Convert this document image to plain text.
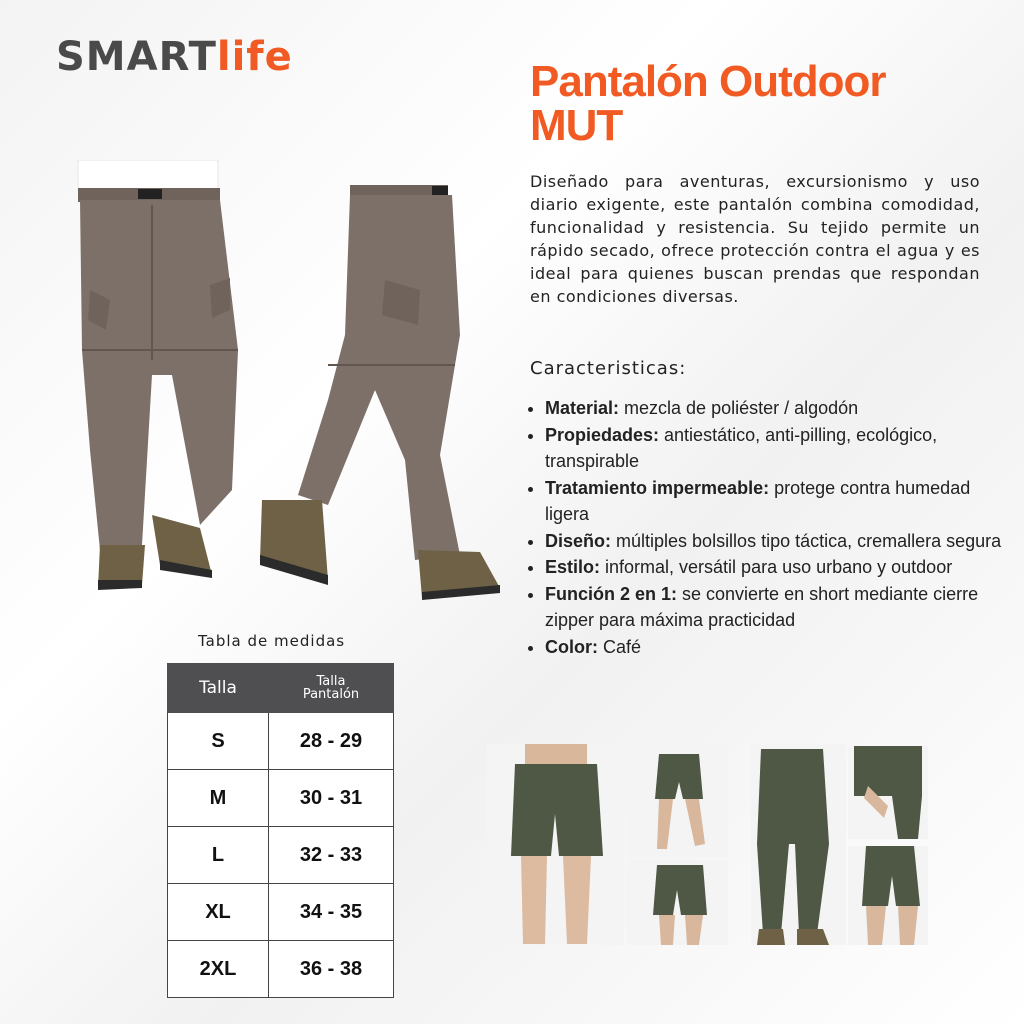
SMARTlife	Pantalón Outdoor
MUT

Diseñado para aventuras, excursionismo y uso diario exigente, este pantalón combina comodidad, funcionalidad y resistencia. Su tejido permite un rápido secado, ofrece protección contra el agua y es ideal para quienes buscan prendas que respondan en condiciones diversas.

Caracteristicas:
• Material: mezcla de poliéster / algodón
• Propiedades: antiestático, anti-pilling, ecológico, transpirable
• Tratamiento impermeable: protege contra humedad ligera
• Diseño: múltiples bolsillos tipo táctica, cremallera segura
• Estilo: informal, versátil para uso urbano y outdoor
• Función 2 en 1: se convierte en short mediante cierre zipper para máxima practicidad
• Color: Café
Tabla de medidas
Talla	Talla
Pantalón
S	28 - 29
M	30 - 31
L	32 - 33
XL	34 - 35
2XL	36 - 38
